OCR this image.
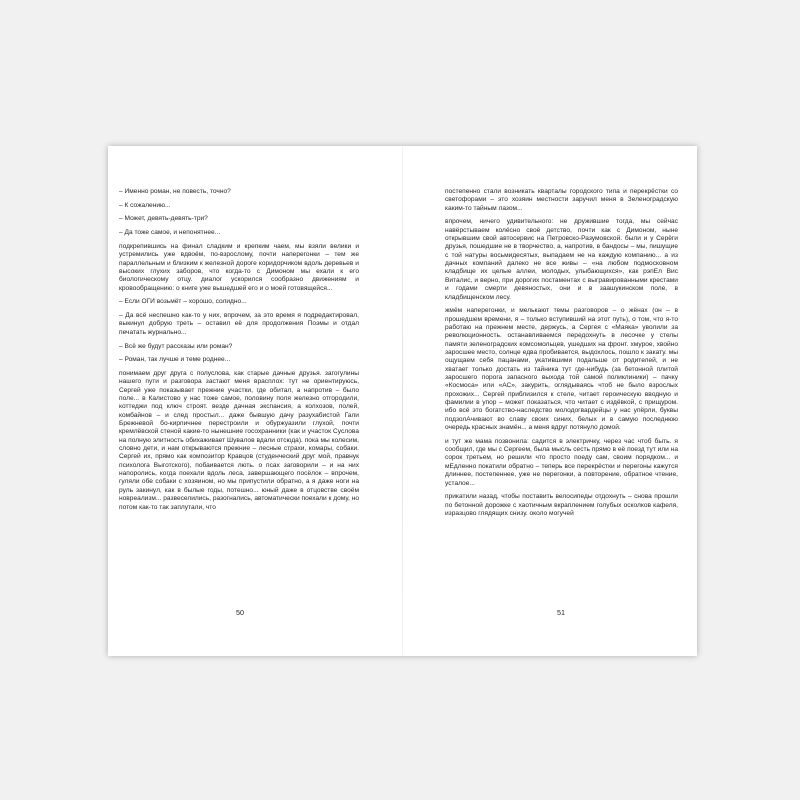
– Именно роман, не повесть, точно?

– К сожалению...

– Может, девять-девять-три?

– Да тоже самое, и непонятнее...

подкрепившись на финал сладким и крепким чаем, мы взяли велики и устремились уже вдвоём, по-взрослому, почти наперегонки – тем же параллельным и близким к железной дороге коридорчиком вдоль деревьев и высоких глухих заборов, что когда-то с Димоном мы ехали к его биологическому отцу. диалог ускорился сообразно движениям и кровообращению: о книге уже вышедшей его и о моей готовящейся...

– Если ОГИ возьмёт – хорошо, солидно...

– Да всё неспешно как-то у них, впрочем, за это время я подредактировал, выкинул добрую треть – оставил её для продолжения Поэмы и отдал печатать журнально...

– Всё же будут рассказы или роман?

– Роман, так лучше и теме роднее...

понимаем друг друга с полуслова, как старые дачные друзья. загогулины нашего пути и разговора застают меня врасплох: тут не ориентируюсь, Сергей уже показывает прежние участки, где обитал, а напротив – было поле... в Калистово у нас тоже самое, половину поля железно отгородили, коттеджи под ключ строят. везде дачная экспансия, а колхозов, полей, комбайнов – и след простыл... даже бывшую дачу разухабистой Гали Брежневой бо-кирпичнее перестроили и обуржуазили глухой, почти кремлёвской стеной какие-то нынешние госохранники (как и участок Суслова на полную элитность обихаживает Шувалов вдали отсюда). пока мы колесим, словно дети, и нам открываются прежние – лесные страхи, комары, собаки. Сергей их, прямо как композитор Кравцов (студенческий друг мой, правнук психолога Выготского), побаивается лють. о псах заговорили – и на них напоролись, когда поехали вдоль леса, завершающего посёлок – впрочем, гуляли обе собаки с хозяином, но мы припустили обратно, а я даже ноги на руль закинул, как в былые годы, потешно... юный даже в отцовстве своём новреализм... развеселились, разогнались, автоматически поехали к дому, но потом как-то так заплутали, что

50

постепенно стали возникать кварталы городского типа и перекрёстки со светофорами – это хозяин местности заручил меня в Зеленоградскую каким-то тайным лазом...

впрочем, ничего удивительного: не дружившие тогда, мы сейчас навёрстываем колёсно своё детство, почти как с Димоном, ныне открывшим свой автосервис на Петровско-Разумовской. были и у Серёги друзья, пошедшие не в творчество, а, напротив, в бандосы – мы, пишущие с той натуры восьмидесятых, выпадаем не на каждую компанию... а из дачных компаний далеко не все живы – «на любом подмосковном кладбище их целые аллеи, молодых, улыбающихся», как рэпЕл Вис Виталис, и верно, при дорогих постаментах с выгравированными крестами и годами смерти девяностых, они и в заашукинском поле, в кладбищенском лесу.

жмём наперегонки, и мелькают темы разговоров – о жёнах (он – в прошедшем времени, я – только вступивший на этот путь), о том, что я-то работаю на прежнем месте, держусь, а Сергея с «Маяка» уволили за революционность. останавливаемся передохнуть в лесочке у стелы памяти зеленоградских комсомольцев, ушедших на фронт. хмурое, хвойно заросшее место, солнце едва пробивается, выдохлось, пошло к закату. мы ощущаем себя пацанами, укатившими подальше от родителей, и не хватает только достать из тайника тут где-нибудь (за бетонной плитой заросшего порога запасного выхода той самой поликлиники) – пачку «Космоса» или «АС», закурить, оглядываясь чтоб не было взрослых прохожих... Сергей приблизился к стеле, читает героическую вводную и фамилии в упор – может показаться, что читает с издёвкой, с прищуром. ибо всё это богатство-наследство молодогвардейцы у нас упёрли, буквы подзолАчивают во славу своих синих, белых и в самую последнюю очередь красных знамён... а меня вдруг потянуло домой.

и тут же мама позвонила: садится в электричку, через час чтоб быть. я сообщил, где мы с Сергеем, была мысль сесть прямо в её поезд тут или на сорок третьем, но решили что просто поеду сам, своим порядком... и мЕдленно покатили обратно – теперь все перекрёстки и перегоны кажутся длиннее, постепеннее, уже не перегонки, а повторение, обратное чтение, усталое...

прикатили назад, чтобы поставить велосипеды отдохнуть – снова прошли по бетонной дорожке с хаотичным вкраплением голубых осколков кафеля, изразцово глядящих снизу. около могучей

51
